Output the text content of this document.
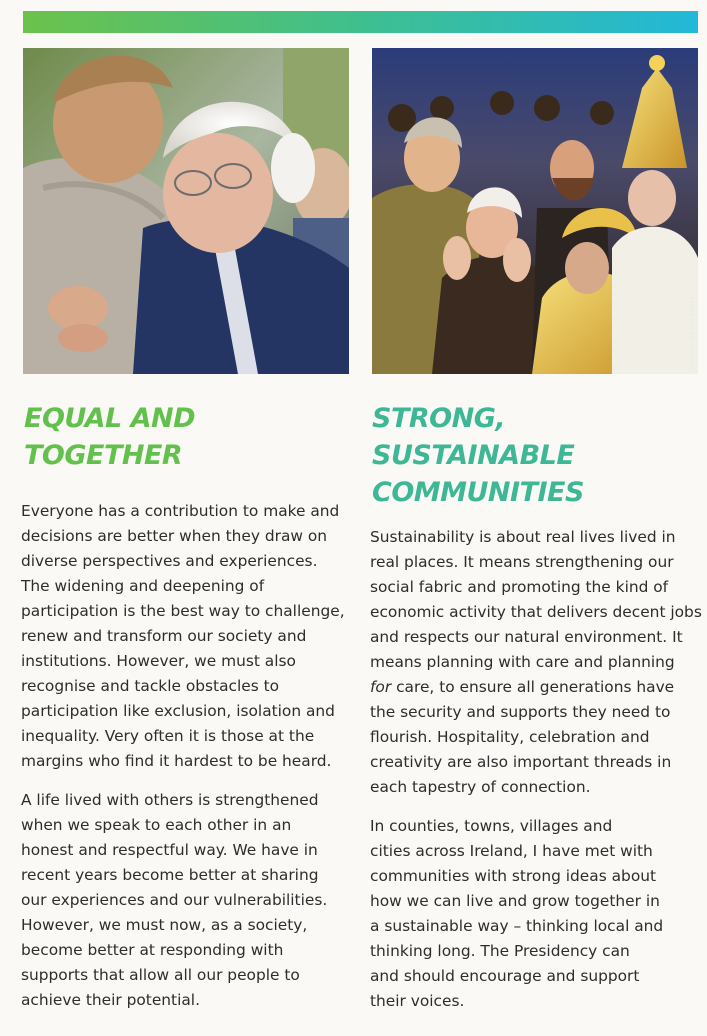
PHOTO: JEDD HARVEY
EQUAL AND
TOGETHER
STRONG,
SUSTAINABLE
COMMUNITIES

Everyone has a contribution to make and
decisions are better when they draw on
diverse perspectives and experiences.
The widening and deepening of
participation is the best way to challenge,
renew and transform our society and
institutions. However, we must also
recognise and tackle obstacles to
participation like exclusion, isolation and
inequality. Very often it is those at the
margins who find it hardest to be heard.

A life lived with others is strengthened
when we speak to each other in an
honest and respectful way. We have in
recent years become better at sharing
our experiences and our vulnerabilities.
However, we must now, as a society,
become better at responding with
supports that allow all our people to
achieve their potential.

Sustainability is about real lives lived in
real places. It means strengthening our
social fabric and promoting the kind of
economic activity that delivers decent jobs
and respects our natural environment. It
means planning with care and planning
for care, to ensure all generations have
the security and supports they need to
flourish. Hospitality, celebration and
creativity are also important threads in
each tapestry of connection.

In counties, towns, villages and
cities across Ireland, I have met with
communities with strong ideas about
how we can live and grow together in
a sustainable way – thinking local and
thinking long. The Presidency can
and should encourage and support
their voices.
